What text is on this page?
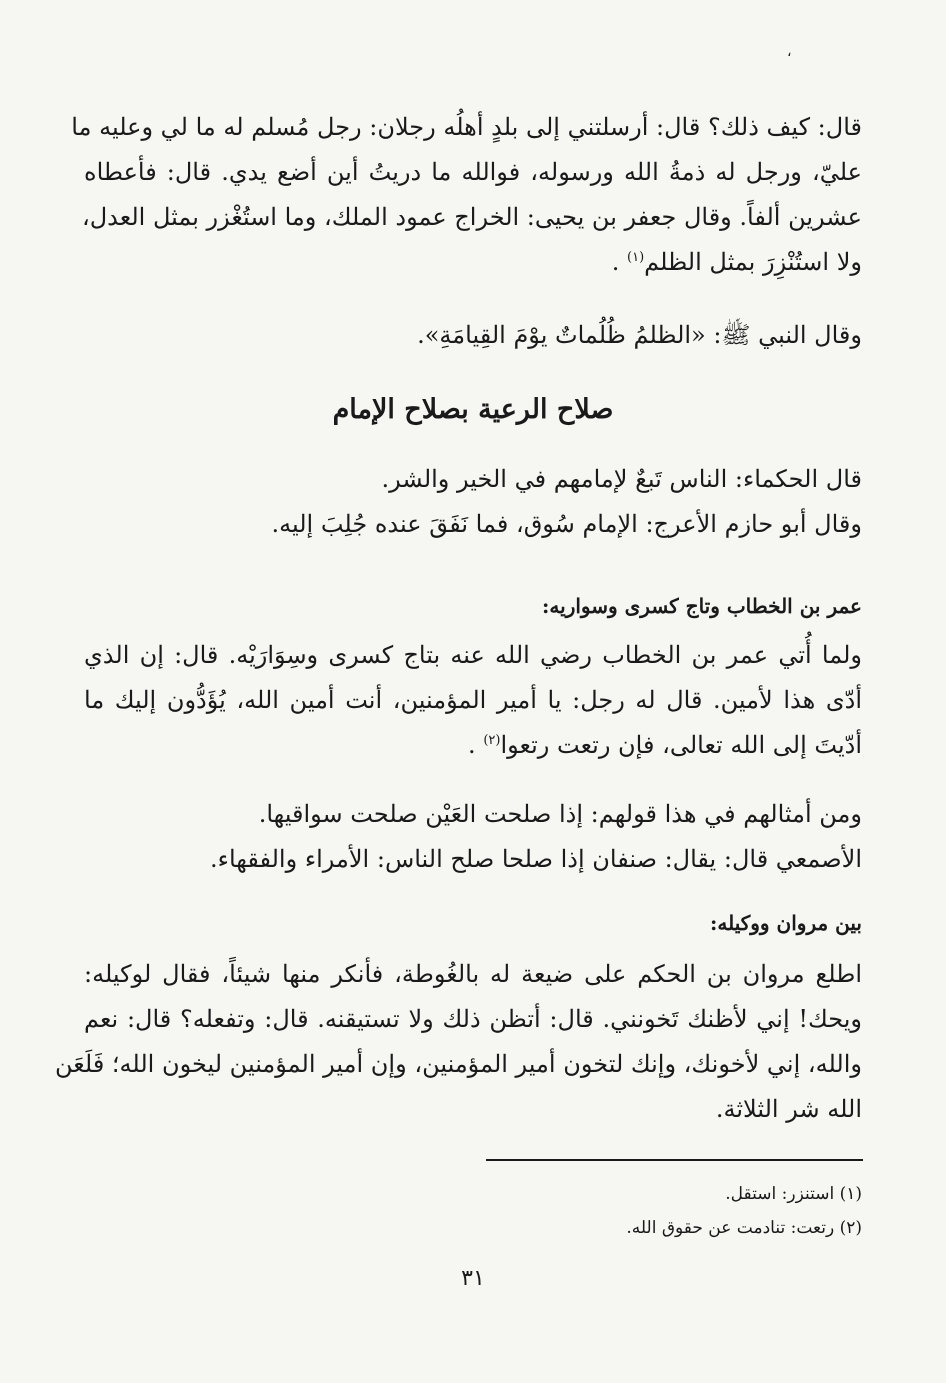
،

قال: كيف ذلك؟ قال: أرسلتني إلى بلدٍ أهلُه رجلان: رجل مُسلم له ما لي وعليه ما

عليّ، ورجل له ذمةُ الله ورسوله، فوالله ما دريتُ أين أضع يدي. قال: فأعطاه

عشرين ألفاً. وقال جعفر بن يحيى: الخراج عمود الملك، وما استُغْزر بمثل العدل،

ولا استُنْزِرَ بمثل الظلم$^{(١)}$ .

وقال النبي ﷺ: «الظلمُ ظُلُماتٌ يوْمَ القِيامَةِ».

صلاح الرعية بصلاح الإمام

قال الحكماء: الناس تَبعٌ لإمامهم في الخير والشر.

وقال أبو حازم الأعرج: الإمام سُوق، فما نَفَقَ عنده جُلِبَ إليه.

عمر بن الخطاب وتاج كسرى وسواريه:

ولما أُتي عمر بن الخطاب رضي الله عنه بتاج كسرى وسِوَارَيْه. قال: إن الذي

أدّى هذا لأمين. قال له رجل: يا أمير المؤمنين، أنت أمين الله، يُؤَدُّون إليك ما

أدّيتَ إلى الله تعالى، فإن رتعت رتعوا$^{(٢)}$ .

ومن أمثالهم في هذا قولهم: إذا صلحت العَيْن صلحت سواقيها.

الأصمعي قال: يقال: صنفان إذا صلحا صلح الناس: الأمراء والفقهاء.

بين مروان ووكيله:

اطلع مروان بن الحكم على ضيعة له بالغُوطة، فأنكر منها شيئاً، فقال لوكيله:

ويحك! إني لأظنك تَخونني. قال: أتظن ذلك ولا تستيقنه. قال: وتفعله؟ قال: نعم

والله، إني لأخونك، وإنك لتخون أمير المؤمنين، وإن أمير المؤمنين ليخون الله؛ فَلَعَن

الله شر الثلاثة.

(١) استنزر: استقل.

(٢) رتعت: تنادمت عن حقوق الله.

٣١
